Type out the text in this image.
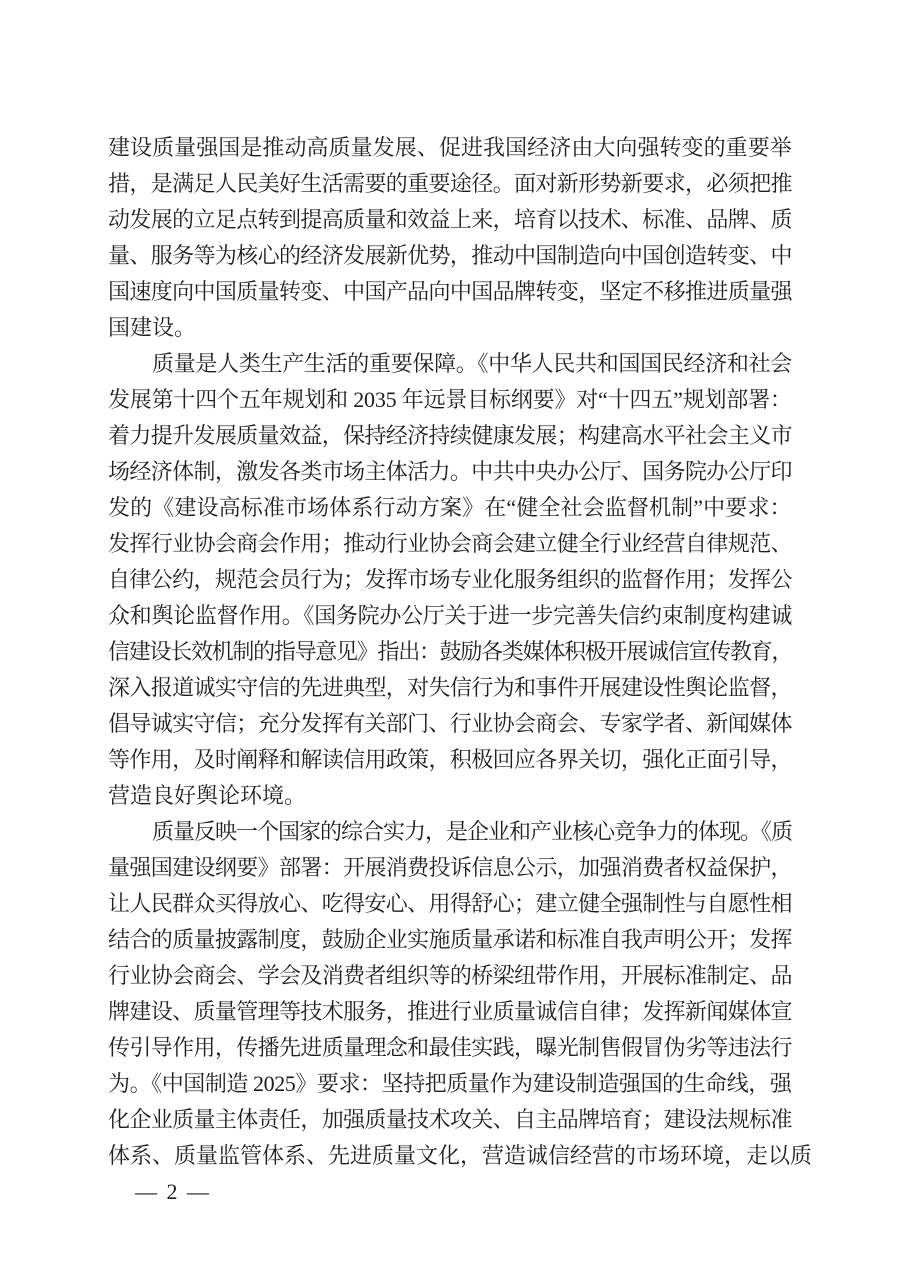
建设质量强国是推动高质量发展、促进我国经济由大向强转变的重要举
措，是满足人民美好生活需要的重要途径。面对新形势新要求，必须把推
动发展的立足点转到提高质量和效益上来，培育以技术、标准、品牌、质
量、服务等为核心的经济发展新优势，推动中国制造向中国创造转变、中
国速度向中国质量转变、中国产品向中国品牌转变，坚定不移推进质量强
国建设。

质量是人类生产生活的重要保障。《中华人民共和国国民经济和社会
发展第十四个五年规划和 2035 年远景目标纲要》对“十四五”规划部署：
着力提升发展质量效益，保持经济持续健康发展；构建高水平社会主义市
场经济体制，激发各类市场主体活力。中共中央办公厅、国务院办公厅印
发的《建设高标准市场体系行动方案》在“健全社会监督机制”中要求：
发挥行业协会商会作用；推动行业协会商会建立健全行业经营自律规范、
自律公约，规范会员行为；发挥市场专业化服务组织的监督作用；发挥公
众和舆论监督作用。《国务院办公厅关于进一步完善失信约束制度构建诚
信建设长效机制的指导意见》指出：鼓励各类媒体积极开展诚信宣传教育，
深入报道诚实守信的先进典型，对失信行为和事件开展建设性舆论监督，
倡导诚实守信；充分发挥有关部门、行业协会商会、专家学者、新闻媒体
等作用，及时阐释和解读信用政策，积极回应各界关切，强化正面引导，
营造良好舆论环境。

质量反映一个国家的综合实力，是企业和产业核心竞争力的体现。《质
量强国建设纲要》部署：开展消费投诉信息公示，加强消费者权益保护，
让人民群众买得放心、吃得安心、用得舒心；建立健全强制性与自愿性相
结合的质量披露制度，鼓励企业实施质量承诺和标准自我声明公开；发挥
行业协会商会、学会及消费者组织等的桥梁纽带作用，开展标准制定、品
牌建设、质量管理等技术服务，推进行业质量诚信自律；发挥新闻媒体宣
传引导作用，传播先进质量理念和最佳实践，曝光制售假冒伪劣等违法行
为。《中国制造 2025》要求：坚持把质量作为建设制造强国的生命线，强
化企业质量主体责任，加强质量技术攻关、自主品牌培育；建设法规标准
体系、质量监管体系、先进质量文化，营造诚信经营的市场环境，走以质

— 2 —
